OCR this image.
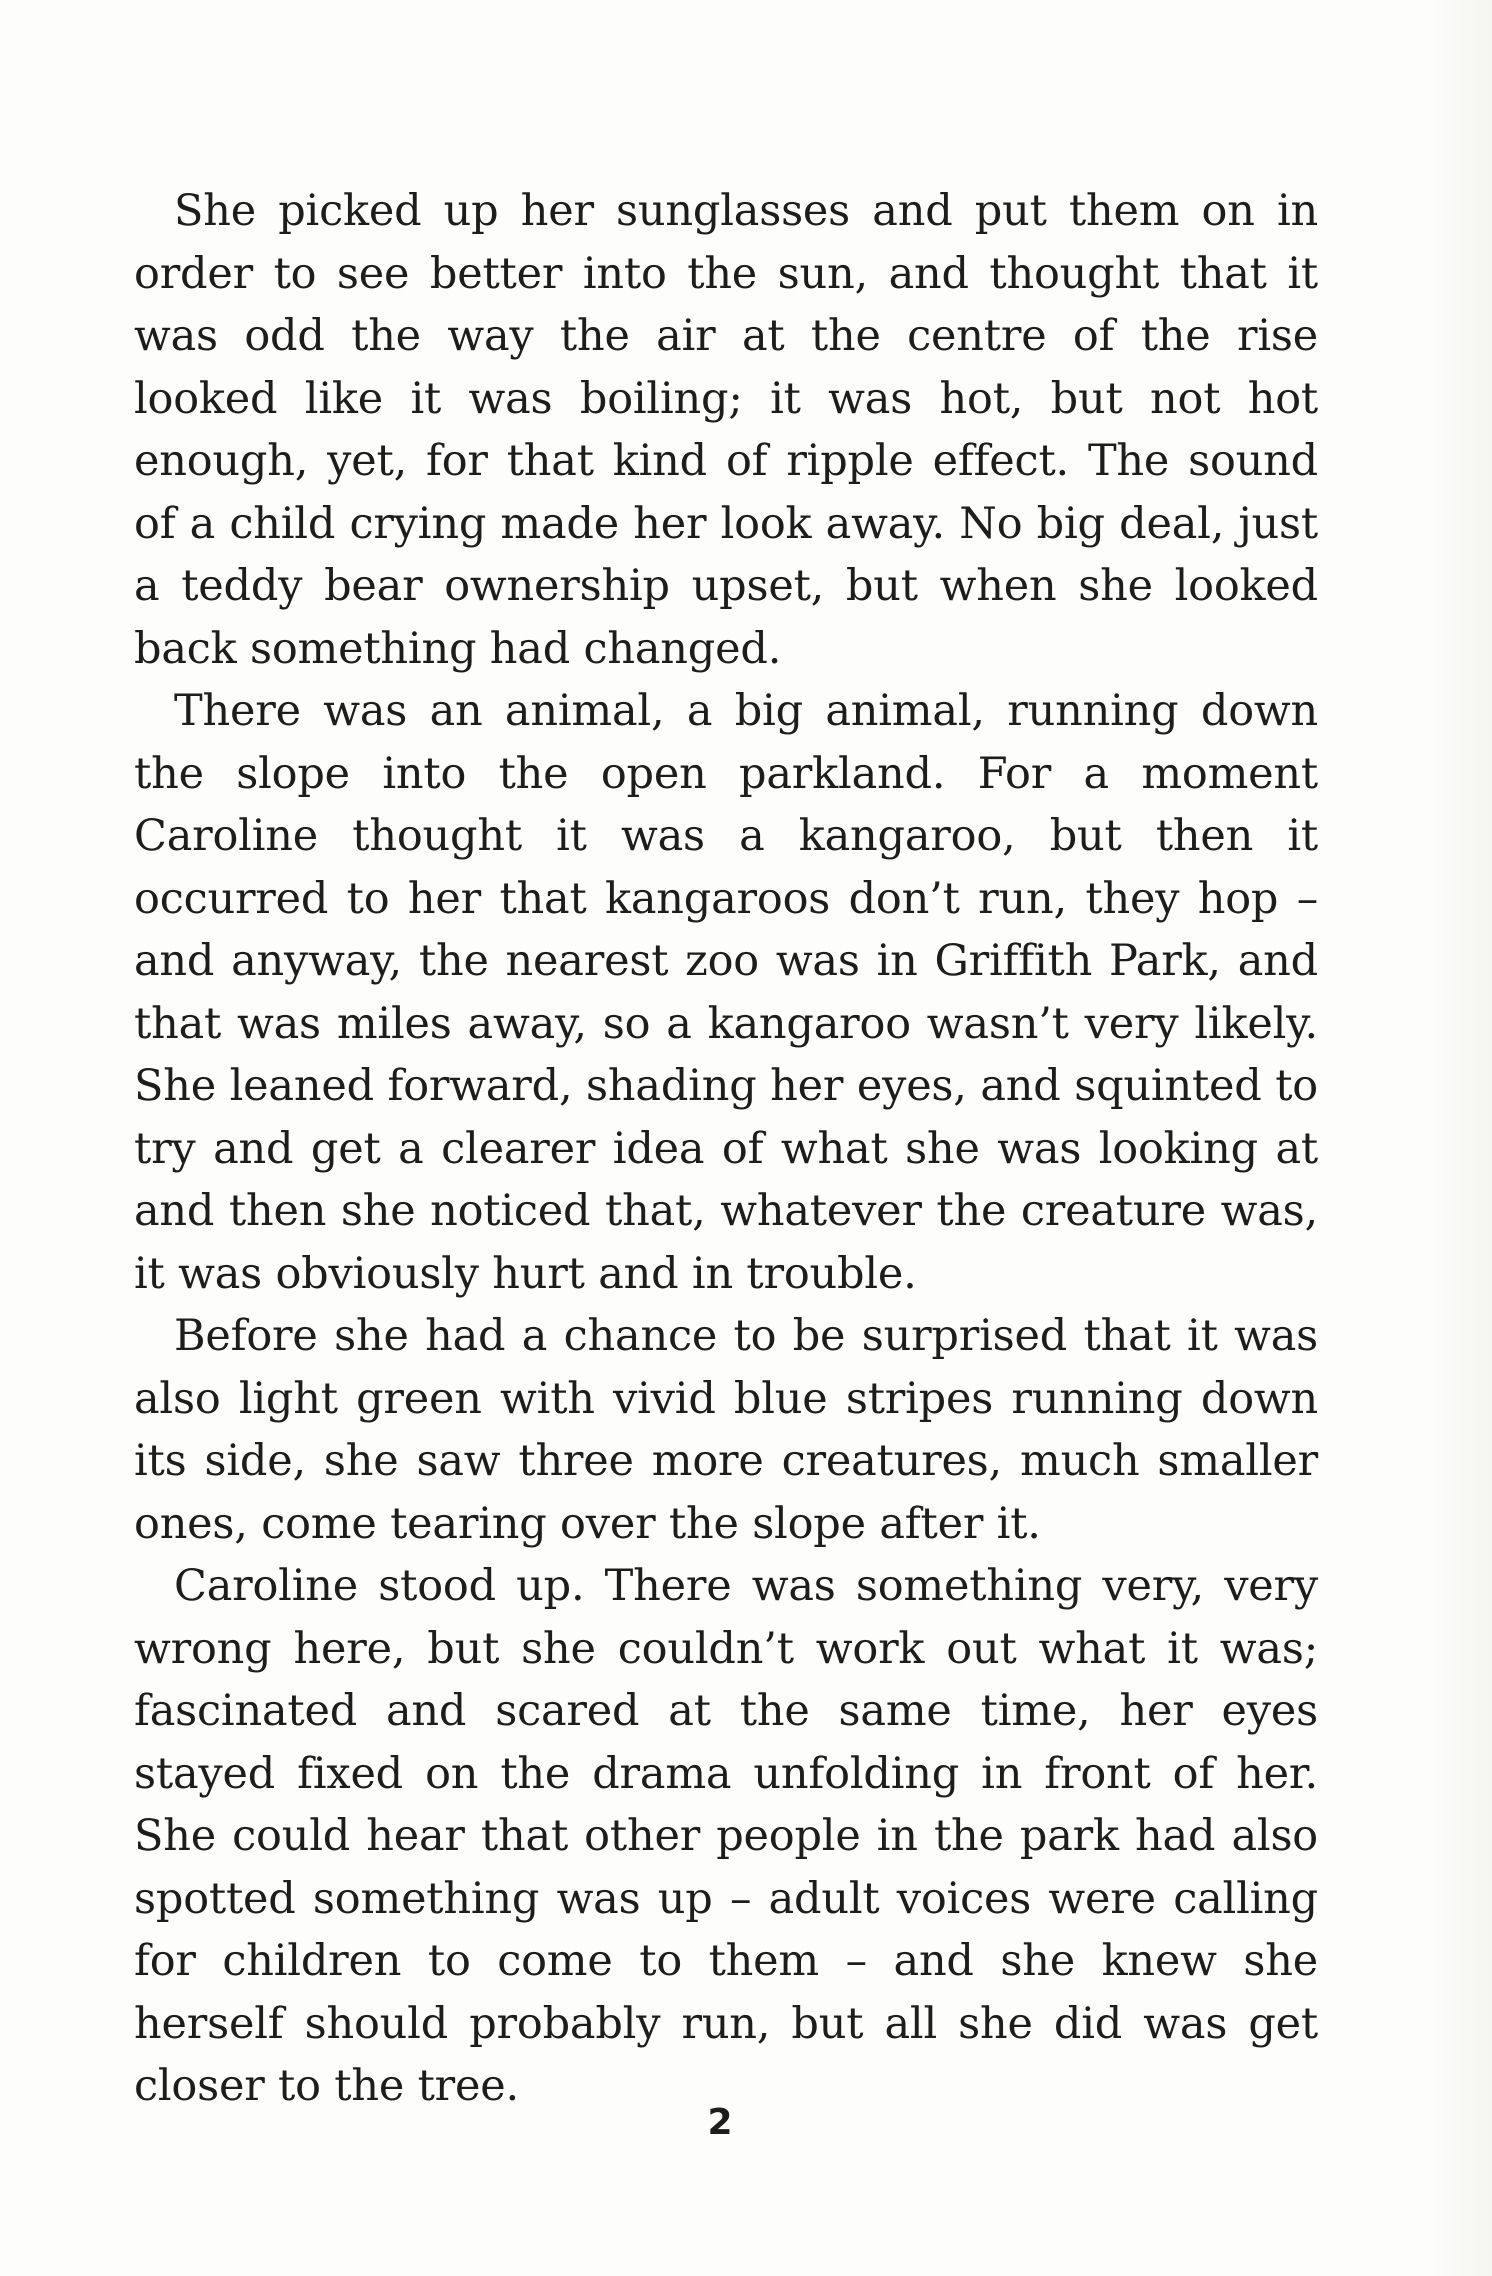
She picked up her sunglasses and put them on in order to see better into the sun, and thought that it was odd the way the air at the centre of the rise looked like it was boiling; it was hot, but not hot enough, yet, for that kind of ripple effect. The sound of a child crying made her look away. No big deal, just a teddy bear ownership upset, but when she looked back something had changed.

There was an animal, a big animal, running down the slope into the open parkland. For a moment Caroline thought it was a kangaroo, but then it occurred to her that kangaroos don’t run, they hop – and anyway, the nearest zoo was in Griffith Park, and that was miles away, so a kangaroo wasn’t very likely. She leaned forward, shading her eyes, and squinted to try and get a clearer idea of what she was looking at and then she noticed that, whatever the creature was, it was obviously hurt and in trouble.

Before she had a chance to be surprised that it was also light green with vivid blue stripes running down its side, she saw three more creatures, much smaller ones, come tearing over the slope after it.

Caroline stood up. There was something very, very wrong here, but she couldn’t work out what it was; fascinated and scared at the same time, her eyes stayed fixed on the drama unfolding in front of her. She could hear that other people in the park had also spotted something was up – adult voices were calling for children to come to them – and she knew she herself should probably run, but all she did was get closer to the tree.

2
